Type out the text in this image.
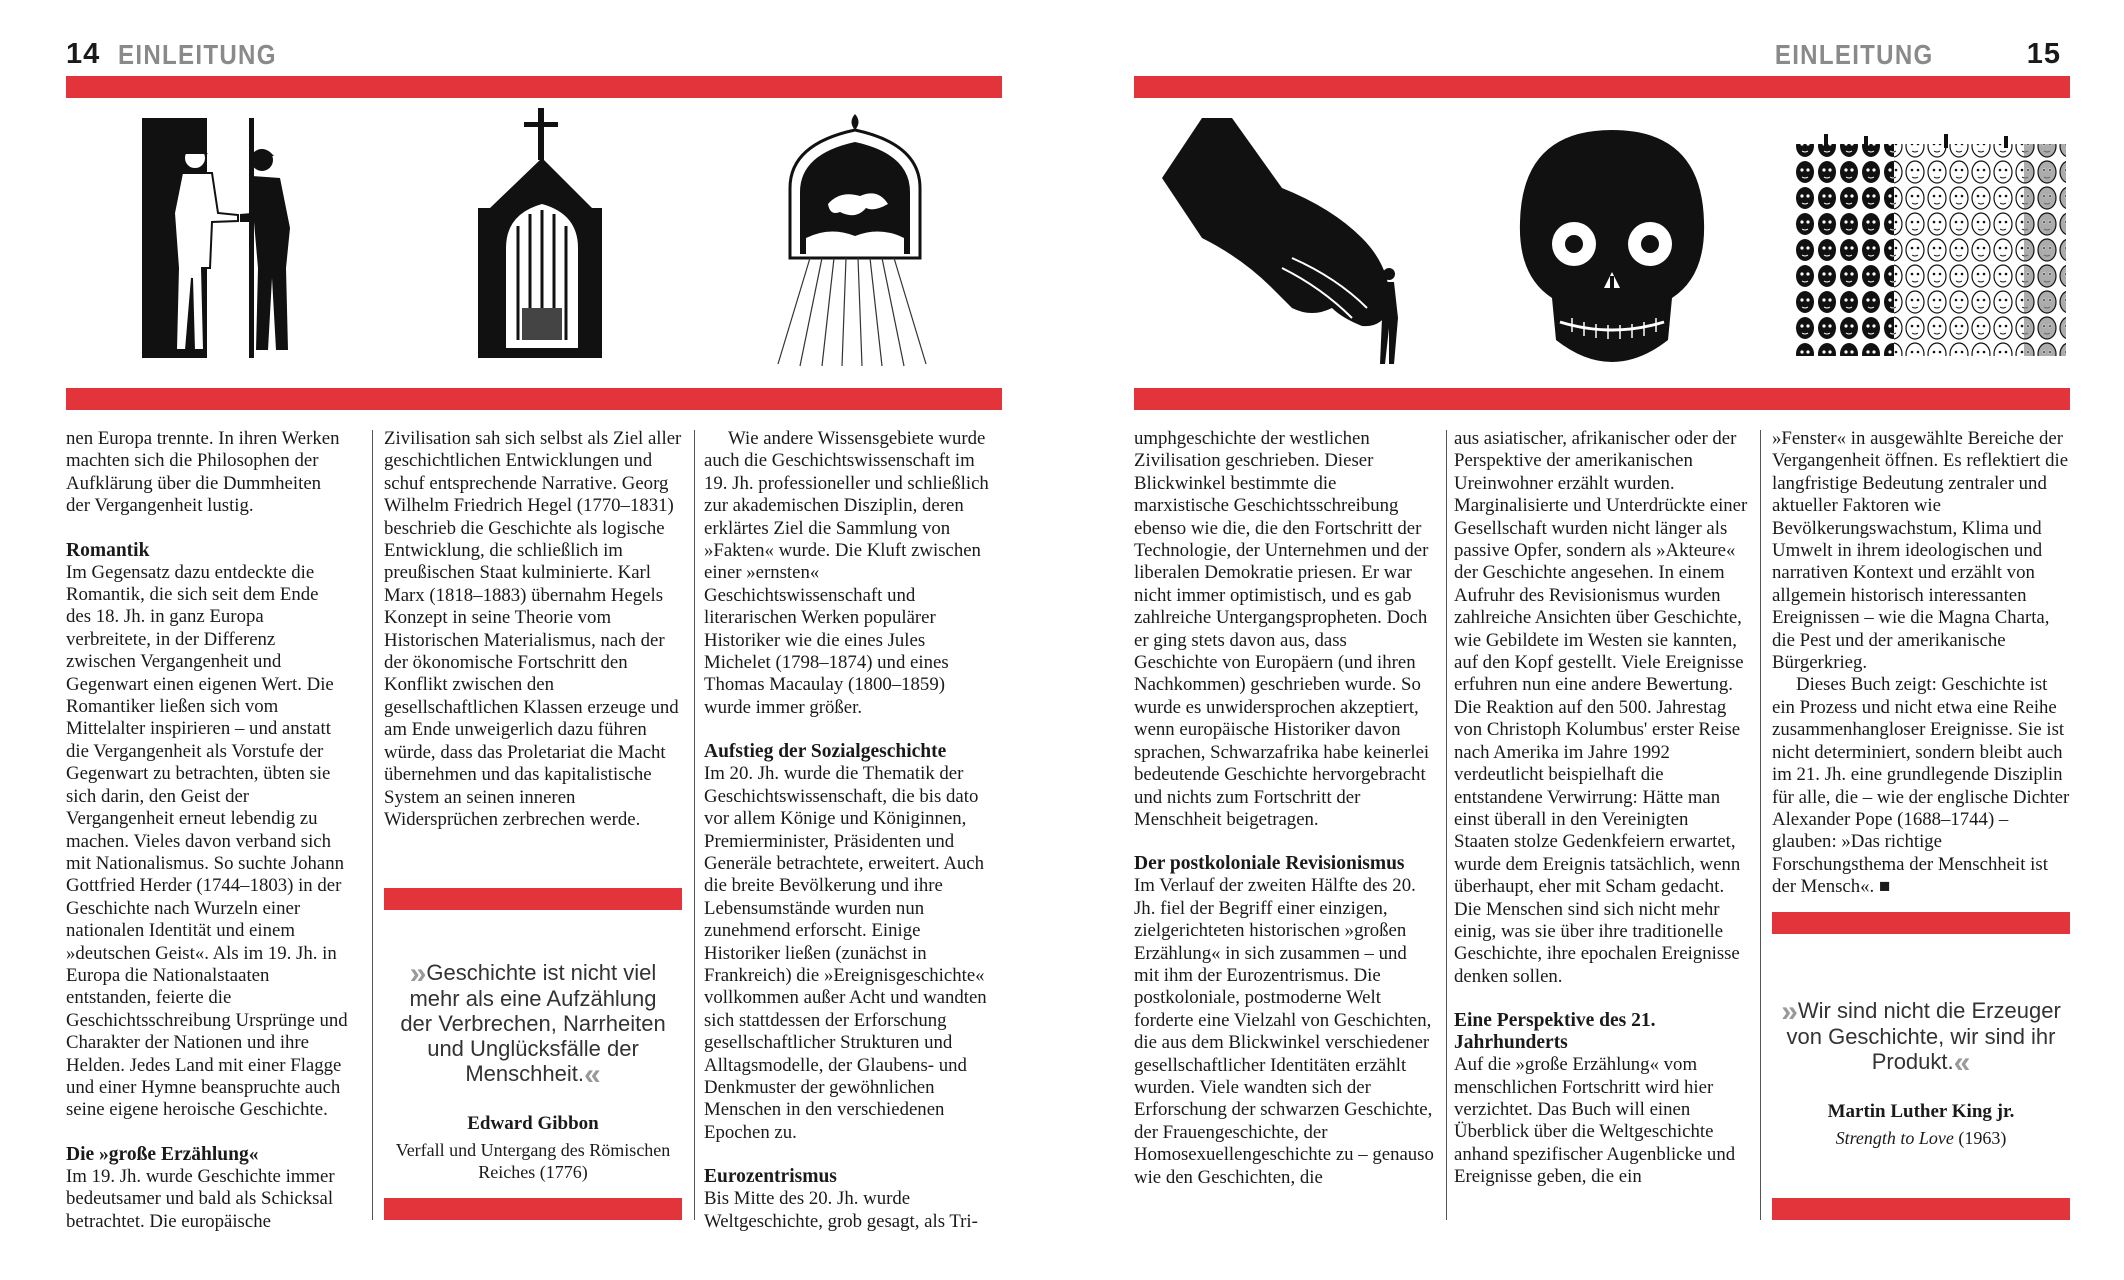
14 EINLEITUNG	EINLEITUNG	15

nen Europa trennte. In ihren Werken machten sich die Philosophen der Aufklärung über die Dummheiten der Vergangenheit lustig.

Romantik

Im Gegensatz dazu entdeckte die Romantik, die sich seit dem Ende des 18. Jh. in ganz Europa verbreitete, in der Differenz zwischen Vergangenheit und Gegenwart einen eigenen Wert. Die Romantiker ließen sich vom Mittelalter inspirieren – und anstatt die Vergangenheit als Vorstufe der Gegenwart zu betrachten, übten sie sich darin, den Geist der Vergangenheit erneut lebendig zu machen. Vieles davon verband sich mit Nationalismus. So suchte Johann Gottfried Herder (1744–1803) in der Geschichte nach Wurzeln einer nationalen Identität und einem »deutschen Geist«. Als im 19. Jh. in Europa die Nationalstaaten entstanden, feierte die Geschichtsschreibung Ursprünge und Charakter der Nationen und ihre Helden. Jedes Land mit einer Flagge und einer Hymne beanspruchte auch seine eigene heroische Geschichte.

Die »große Erzählung«

Im 19. Jh. wurde Geschichte immer bedeutsamer und bald als Schicksal betrachtet. Die europäische

Zivilisation sah sich selbst als Ziel aller geschichtlichen Entwicklungen und schuf entsprechende Narrative. Georg Wilhelm Friedrich Hegel (1770–1831) beschrieb die Geschichte als logische Entwicklung, die schließlich im preußischen Staat kulminierte. Karl Marx (1818–1883) übernahm Hegels Konzept in seine Theorie vom Historischen Materialismus, nach der der ökonomische Fortschritt den Konflikt zwischen den gesellschaftlichen Klassen erzeuge und am Ende unweigerlich dazu führen würde, dass das Proletariat die Macht übernehmen und das kapitalistische System an seinen inneren Widersprüchen zerbrechen werde.

»Geschichte ist nicht viel mehr als eine Aufzählung der Verbrechen, Narrheiten und Unglücksfälle der Menschheit.«
Edward Gibbon
Verfall und Untergang des Römischen Reiches (1776)

Wie andere Wissensgebiete wurde auch die Geschichtswissenschaft im 19. Jh. professioneller und schließlich zur akademischen Disziplin, deren erklärtes Ziel die Sammlung von »Fakten« wurde. Die Kluft zwischen einer »ernsten« Geschichtswissenschaft und literarischen Werken populärer Historiker wie die eines Jules Michelet (1798–1874) und eines Thomas Macaulay (1800–1859) wurde immer größer.

Aufstieg der Sozialgeschichte

Im 20. Jh. wurde die Thematik der Geschichtswissenschaft, die bis dato vor allem Könige und Königinnen, Premierminister, Präsidenten und Generäle betrachtete, erweitert. Auch die breite Bevölkerung und ihre Lebensumstände wurden nun zunehmend erforscht. Einige Historiker ließen (zunächst in Frankreich) die »Ereignisgeschichte« vollkommen außer Acht und wandten sich stattdessen der Erforschung gesellschaftlicher Strukturen und Alltagsmodelle, der Glaubens- und Denkmuster der gewöhnlichen Menschen in den verschiedenen Epochen zu.

Eurozentrismus

Bis Mitte des 20. Jh. wurde Weltgeschichte, grob gesagt, als Tri-

umphgeschichte der westlichen Zivilisation geschrieben. Dieser Blickwinkel bestimmte die marxistische Geschichtsschreibung ebenso wie die, die den Fortschritt der Technologie, der Unternehmen und der liberalen Demokratie priesen. Er war nicht immer optimistisch, und es gab zahlreiche Untergangspropheten. Doch er ging stets davon aus, dass Geschichte von Europäern (und ihren Nachkommen) geschrieben wurde. So wurde es unwidersprochen akzeptiert, wenn europäische Historiker davon sprachen, Schwarzafrika habe keinerlei bedeutende Geschichte hervorgebracht und nichts zum Fortschritt der Menschheit beigetragen.

Der postkoloniale Revisionismus

Im Verlauf der zweiten Hälfte des 20. Jh. fiel der Begriff einer einzigen, zielgerichteten historischen »großen Erzählung« in sich zusammen – und mit ihm der Eurozentrismus. Die postkoloniale, postmoderne Welt forderte eine Vielzahl von Geschichten, die aus dem Blickwinkel verschiedener gesellschaftlicher Identitäten erzählt wurden. Viele wandten sich der Erforschung der schwarzen Geschichte, der Frauengeschichte, der Homosexuellengeschichte zu – genauso wie den Geschichten, die

aus asiatischer, afrikanischer oder der Perspektive der amerikanischen Ureinwohner erzählt wurden. Marginalisierte und Unterdrückte einer Gesellschaft wurden nicht länger als passive Opfer, sondern als »Akteure« der Geschichte angesehen. In einem Aufruhr des Revisionismus wurden zahlreiche Ansichten über Geschichte, wie Gebildete im Westen sie kannten, auf den Kopf gestellt. Viele Ereignisse erfuhren nun eine andere Bewertung. Die Reaktion auf den 500. Jahrestag von Christoph Kolumbus' erster Reise nach Amerika im Jahre 1992 verdeutlicht beispielhaft die entstandene Verwirrung: Hätte man einst überall in den Vereinigten Staaten stolze Gedenkfeiern erwartet, wurde dem Ereignis tatsächlich, wenn überhaupt, eher mit Scham gedacht. Die Menschen sind sich nicht mehr einig, was sie über ihre traditionelle Geschichte, ihre epochalen Ereignisse denken sollen.

Eine Perspektive des 21. Jahrhunderts

Auf die »große Erzählung« vom menschlichen Fortschritt wird hier verzichtet. Das Buch will einen Überblick über die Weltgeschichte anhand spezifischer Augenblicke und Ereignisse geben, die ein

»Fenster« in ausgewählte Bereiche der Vergangenheit öffnen. Es reflektiert die langfristige Bedeutung zentraler und aktueller Faktoren wie Bevölkerungswachstum, Klima und Umwelt in ihrem ideologischen und narrativen Kontext und erzählt von allgemein historisch interessanten Ereignissen – wie die Magna Charta, die Pest und der amerikanische Bürgerkrieg.

Dieses Buch zeigt: Geschichte ist ein Prozess und nicht etwa eine Reihe zusammenhangloser Ereignisse. Sie ist nicht determiniert, sondern bleibt auch im 21. Jh. eine grundlegende Disziplin für alle, die – wie der englische Dichter Alexander Pope (1688–1744) – glauben: »Das richtige Forschungsthema der Menschheit ist der Mensch«. ■

»Wir sind nicht die Erzeuger von Geschichte, wir sind ihr Produkt.«
Martin Luther King jr.
Strength to Love (1963)
